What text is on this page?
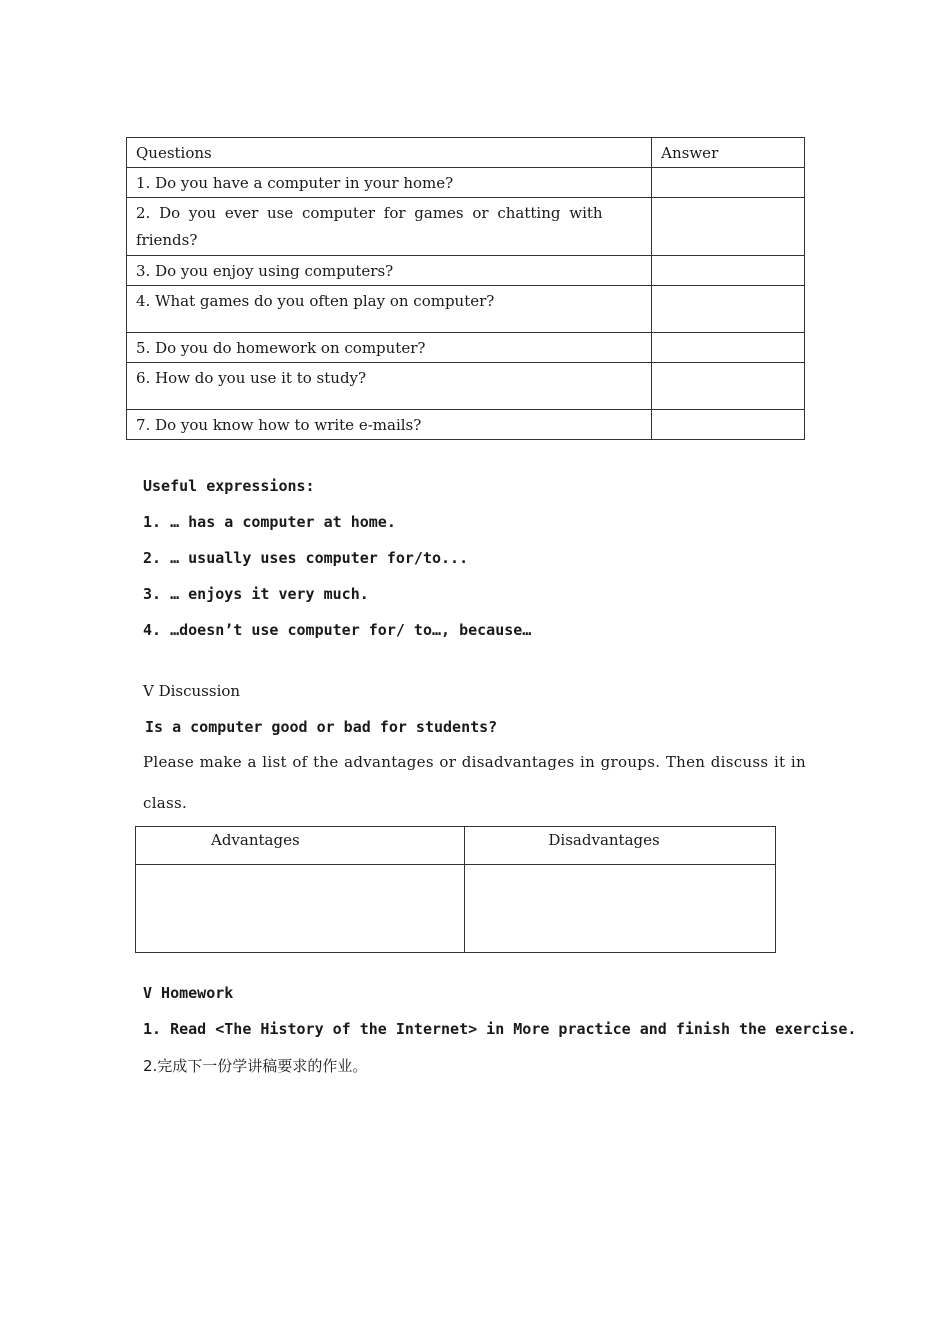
Questions	Answer
1. Do you have a computer in your home?	
2. Do you ever use computer for games or chatting with friends?	
3. Do you enjoy using computers?	
4. What games do you often play on computer?	
5. Do you do homework on computer?	
6. How do you use it to study?	
7. Do you know how to write e-mails?	
Useful expressions:
1. … has a computer at home.
2. … usually uses computer for/to...
3. … enjoys it very much.
4. …doesn’t use computer for/ to…, because…
V Discussion
Is a computer good or bad for students?
Please make a list of the advantages or disadvantages in groups. Then discuss it in class.
Advantages	Disadvantages

V Homework
1. Read <The History of the Internet> in More practice and finish the exercise.
2.完成下一份学讲稿要求的作业。
